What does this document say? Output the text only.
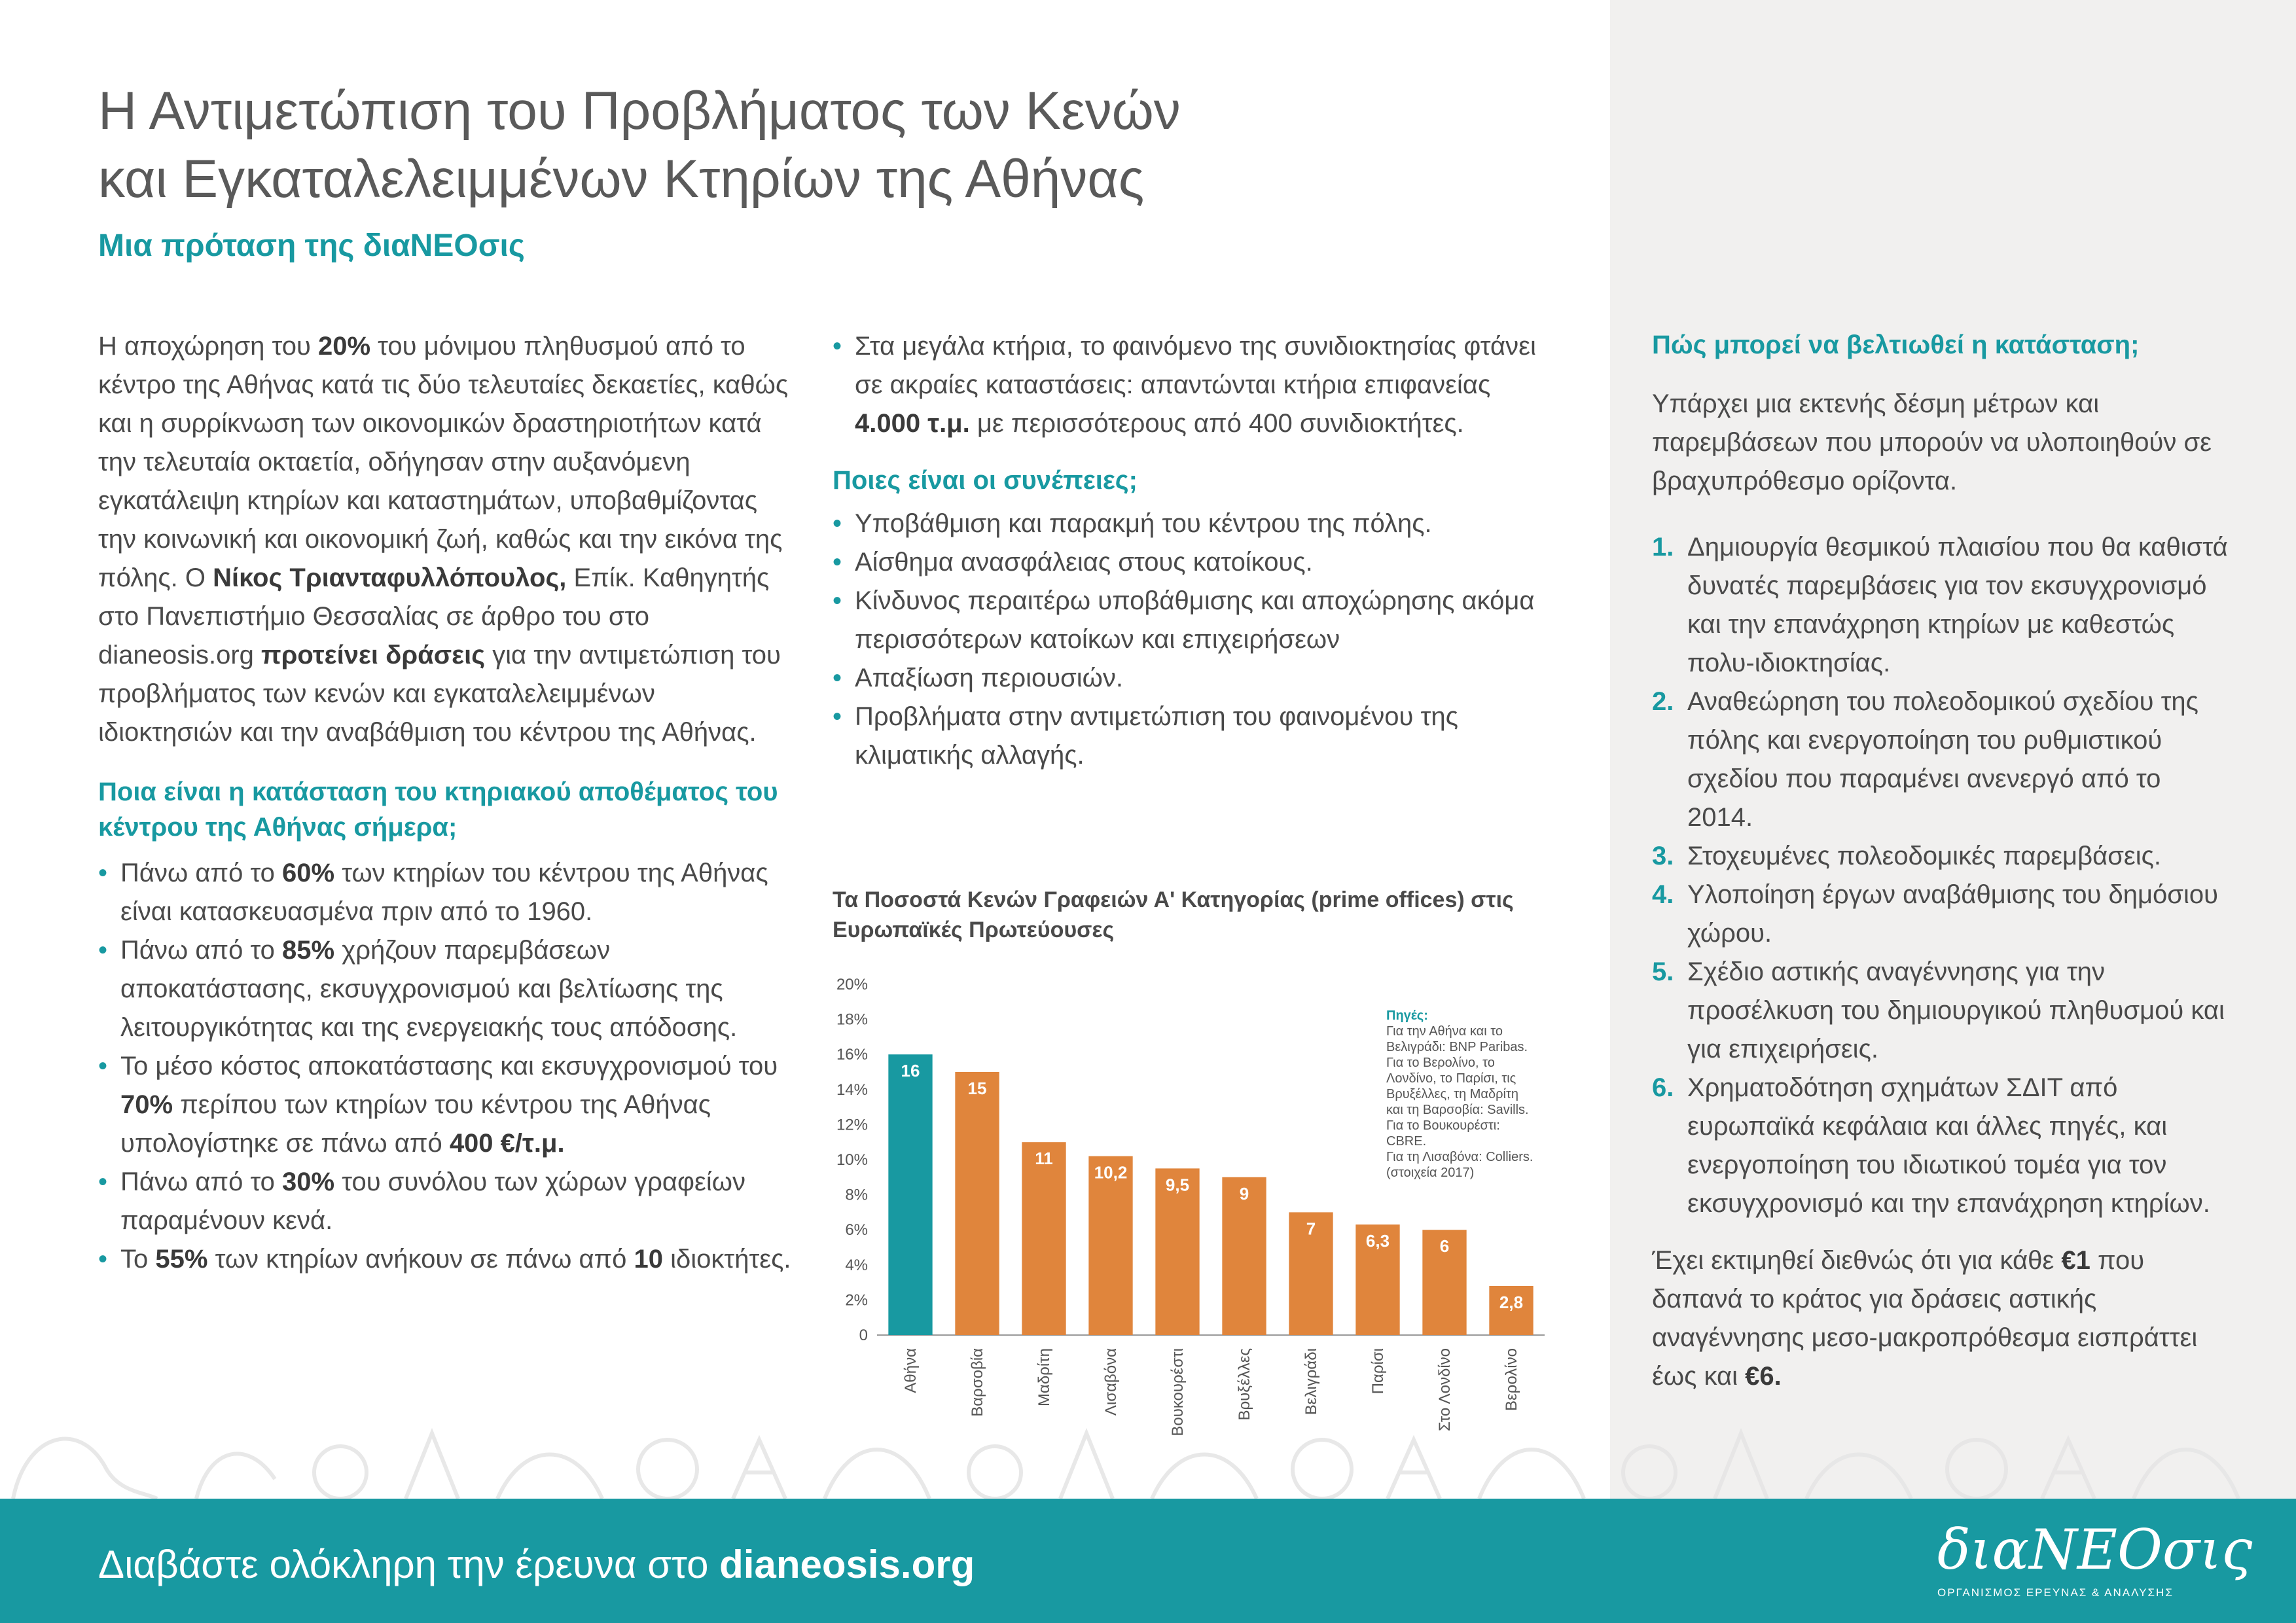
Η Αντιμετώπιση του Προβλήματος των Κενών
και Εγκαταλελειμμένων Κτηρίων της Αθήνας
Μια πρόταση της διαΝΕΟσις

Η αποχώρηση του 20% του μόνιμου πληθυσμού από το κέντρο της Αθήνας κατά τις δύο τελευταίες δεκαετίες, καθώς και η συρρίκνωση των οικονομικών δραστηριοτήτων κατά την τελευταία οκταετία, οδήγησαν στην αυξανόμενη εγκατάλειψη κτηρίων και καταστημάτων, υποβαθμίζοντας την κοινωνική και οικονομική ζωή, καθώς και την εικόνα της πόλης. Ο Νίκος Τριανταφυλλόπουλος, Επίκ. Καθηγητής στο Πανεπιστήμιο Θεσσαλίας σε άρθρο του στο dianeosis.org προτείνει δράσεις για την αντιμετώπιση του προβλήματος των κενών και εγκαταλελειμμένων ιδιοκτησιών και την αναβάθμιση του κέντρου της Αθήνας.

Ποια είναι η κατάσταση του κτηριακού αποθέματος του κέντρου της Αθήνας σήμερα;

• Πάνω από το 60% των κτηρίων του κέντρου της Αθήνας είναι κατασκευασμένα πριν από το 1960.
• Πάνω από το 85% χρήζουν παρεμβάσεων αποκατάστασης, εκσυγχρονισμού και βελτίωσης της λειτουργικότητας και της ενεργειακής τους απόδοσης.
• Το μέσο κόστος αποκατάστασης και εκσυγχρονισμού του 70% περίπου των κτηρίων του κέντρου της Αθήνας υπολογίστηκε σε πάνω από 400 €/τ.μ.
• Πάνω από το 30% του συνόλου των χώρων γραφείων παραμένουν κενά.
• Το 55% των κτηρίων ανήκουν σε πάνω από 10 ιδιοκτήτες.
• Στα μεγάλα κτήρια, το φαινόμενο της συνιδιοκτησίας φτάνει σε ακραίες καταστάσεις: απαντώνται κτήρια επιφανείας 4.000 τ.μ. με περισσότερους από 400 συνιδιοκτήτες.

Ποιες είναι οι συνέπειες;

• Υποβάθμιση και παρακμή του κέντρου της πόλης.
• Αίσθημα ανασφάλειας στους κατοίκους.
• Κίνδυνος περαιτέρω υποβάθμισης και αποχώρησης ακόμα περισσότερων κατοίκων και επιχειρήσεων
• Απαξίωση περιουσιών.
• Προβλήματα στην αντιμετώπιση του φαινομένου της κλιματικής αλλαγής.
Τα Ποσοστά Κενών Γραφειών Α' Κατηγορίας (prime offices) στις Ευρωπαϊκές Πρωτεύουσες
0
2%
4%
6%
8%
10%
12%
14%
16%
18%
20%
16
Αθήνα
15
Βαρσοβία
11
Μαδρίτη
10,2
Λισαβόνα
9,5
Βουκουρέστι
9
Βρυξέλλες
7
Βελιγράδι
6,3
Παρίσι
6
Στο Λονδίνο
2,8
Βερολίνο
Πηγές:
Για την Αθήνα και το
Βελιγράδι: BNP Paribas.
Για το Βερολίνο, το
Λονδίνο, το Παρίσι, τις
Βρυξέλλες, τη Μαδρίτη
και τη Βαρσοβία: Savills.
Για το Βουκουρέστι: CBRE.
Για τη Λισαβόνα: Colliers.
(στοιχεία 2017)

Πώς μπορεί να βελτιωθεί η κατάσταση;

Υπάρχει μια εκτενής δέσμη μέτρων και παρεμβάσεων που μπορούν να υλοποιηθούν σε βραχυπρόθεσμο ορίζοντα.

1. Δημιουργία θεσμικού πλαισίου που θα καθιστά δυνατές παρεμβάσεις για τον εκσυγχρονισμό και την επανάχρηση κτηρίων με καθεστώς πολυ-ιδιοκτησίας.
2. Αναθεώρηση του πολεοδομικού σχεδίου της πόλης και ενεργοποίηση του ρυθμιστικού σχεδίου που παραμένει ανενεργό από το 2014.
3. Στοχευμένες πολεοδομικές παρεμβάσεις.
4. Υλοποίηση έργων αναβάθμισης του δημόσιου χώρου.
5. Σχέδιο αστικής αναγέννησης για την προσέλκυση του δημιουργικού πληθυσμού και για επιχειρήσεις.
6. Χρηματοδότηση σχημάτων ΣΔΙΤ από ευρωπαϊκά κεφάλαια και άλλες πηγές, και ενεργοποίηση του ιδιωτικού τομέα για τον εκσυγχρονισμό και την επανάχρηση κτηρίων.

Έχει εκτιμηθεί διεθνώς ότι για κάθε €1 που δαπανά το κράτος για δράσεις αστικής αναγέννησης μεσο-μακροπρόθεσμα εισπράττει έως και €6.

Διαβάστε ολόκληρη την έρευνα στο dianeosis.org	διαΝΕΟσις
ΟΡΓΑΝΙΣΜΟΣ ΕΡΕΥΝΑΣ & ΑΝΑΛΥΣΗΣ
